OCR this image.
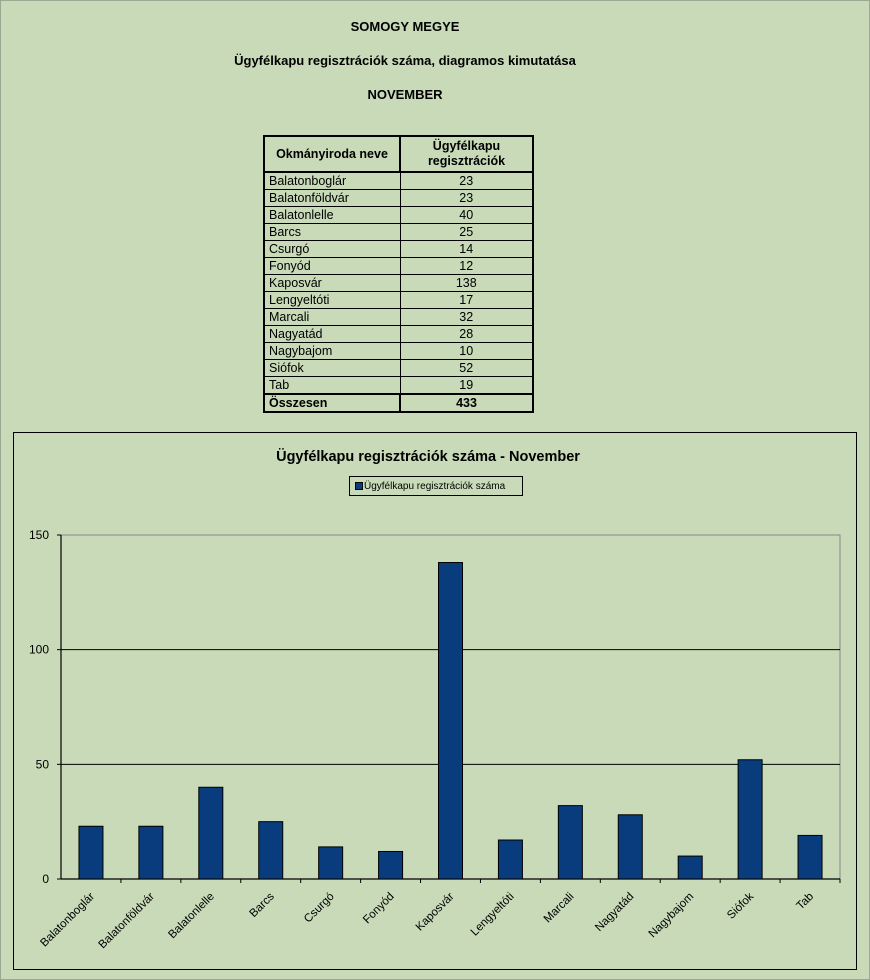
SOMOGY MEGYE
Ügyfélkapu regisztrációk száma, diagramos kimutatása
NOVEMBER
Okmányiroda neve	Ügyfélkapu
regisztrációk
Balatonboglár	23
Balatonföldvár	23
Balatonlelle	40
Barcs	25
Csurgó	14
Fonyód	12
Kaposvár	138
Lengyeltóti	17
Marcali	32
Nagyatád	28
Nagybajom	10
Siófok	52
Tab	19
Összesen	433
Ügyfélkapu regisztrációk száma - November
Ügyfélkapu regisztrációk száma
0
50
100
150
Balatonboglár Balatonföldvár Balatonlelle	Barcs Csurgó Fonyód Kaposvár Lengyeltóti Marcali Nagyatád Nagybajom	Siófok	Tab
